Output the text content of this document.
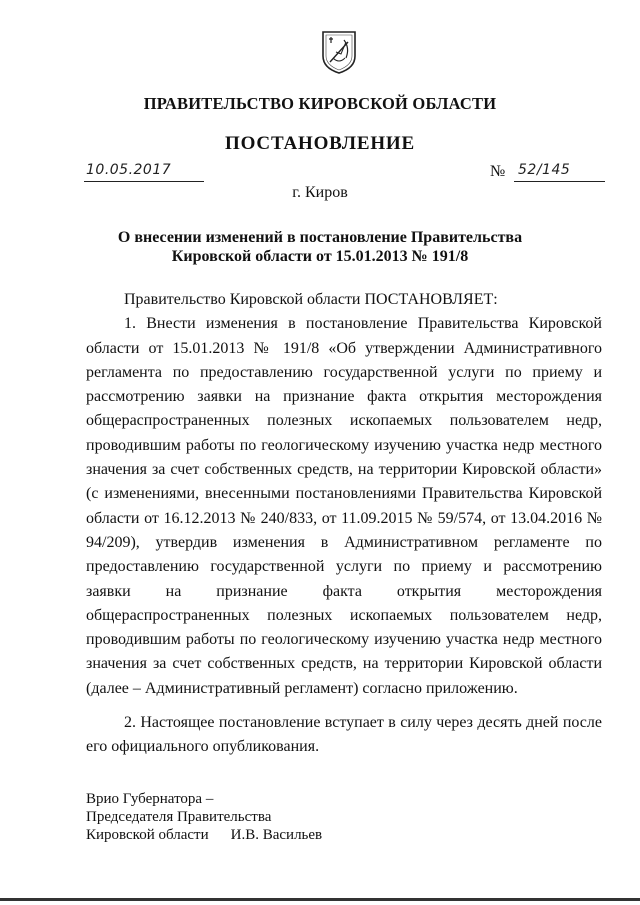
ПРАВИТЕЛЬСТВО КИРОВСКОЙ ОБЛАСТИ
ПОСТАНОВЛЕНИЕ
10.05.2017	№ 52/145
г. Киров
О внесении изменений в постановление Правительства
Кировской области от 15.01.2013 № 191/8

Правительство Кировской области ПОСТАНОВЛЯЕТ:

1. Внести изменения в постановление Правительства Кировской области от 15.01.2013 № 191/8 «Об утверждении Административного регламента по предоставлению государственной услуги по приему и рассмотрению заявки на признание факта открытия месторождения общераспространенных полезных ископаемых пользователем недр, проводившим работы по геологическому изучению участка недр местного значения за счет собственных средств, на территории Кировской области» (с изменениями, внесенными постановлениями Правительства Кировской области от 16.12.2013 № 240/833, от 11.09.2015 № 59/574, от 13.04.2016 № 94/209), утвердив изменения в Административном регламенте по предоставлению государственной услуги по приему и рассмотрению заявки на признание факта открытия месторождения общераспространенных полезных ископаемых пользователем недр, проводившим работы по геологическому изучению участка недр местного значения за счет собственных средств, на территории Кировской области (далее – Административный регламент) согласно приложению.

2. Настоящее постановление вступает в силу через десять дней после его официального опубликования.

Врио Губернатора –
Председателя Правительства
Кировской области И.В. Васильев
